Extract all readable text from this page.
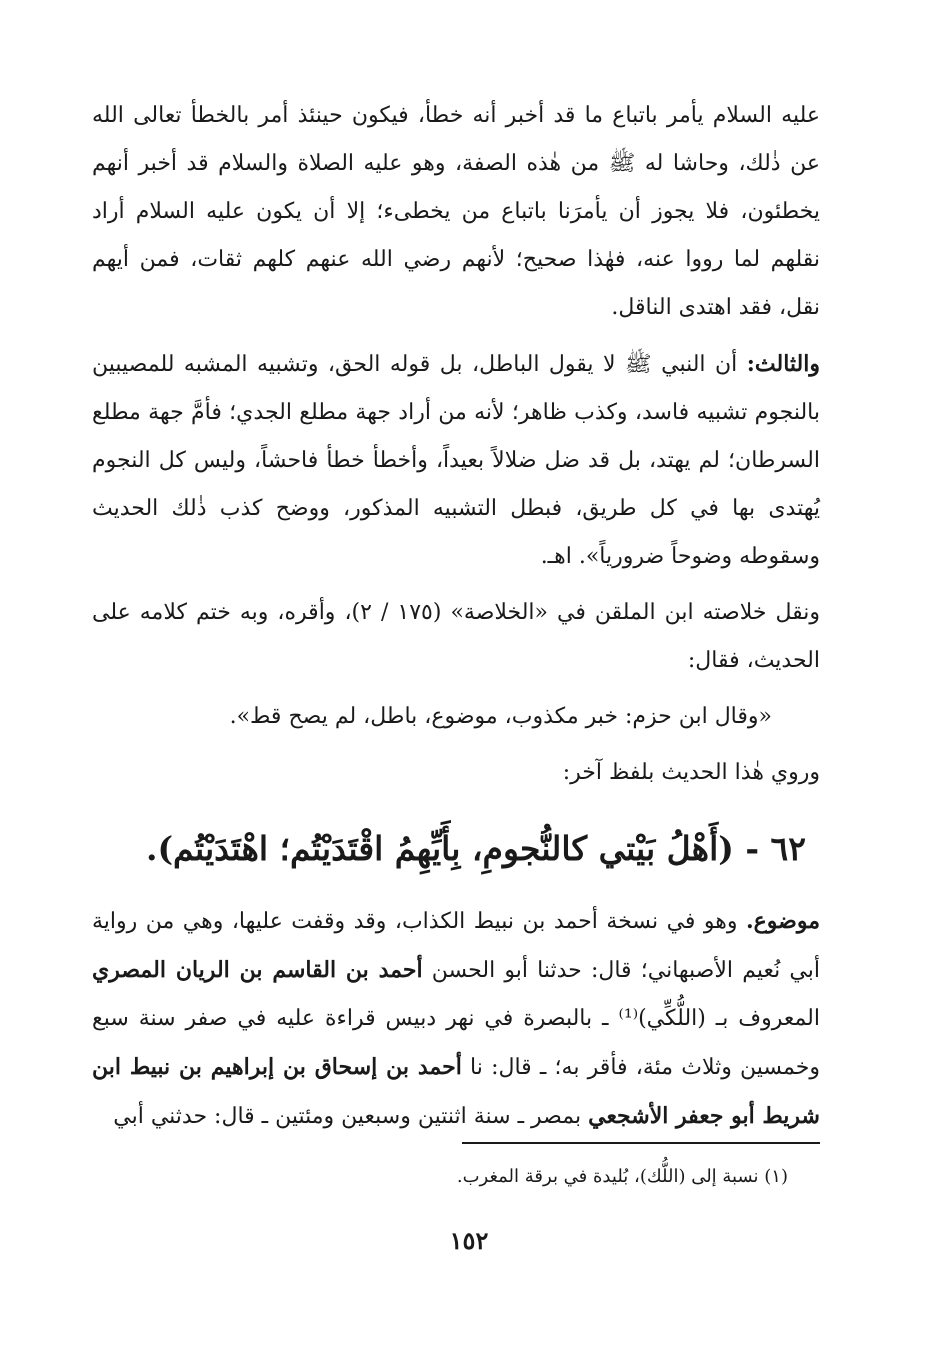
عليه السلام يأمر باتباع ما قد أخبر أنه خطأ، فيكون حينئذ أمر بالخطأ تعالى الله عن ذٰلك، وحاشا له ﷺ من هٰذه الصفة، وهو عليه الصلاة والسلام قد أخبر أنهم يخطئون، فلا يجوز أن يأمرَنا باتباع من يخطىء؛ إلا أن يكون عليه السلام أراد نقلهم لما رووا عنه، فهٰذا صحيح؛ لأنهم رضي الله عنهم كلهم ثقات، فمن أيهم نقل، فقد اهتدى الناقل.

والثالث: أن النبي ﷺ لا يقول الباطل، بل قوله الحق، وتشبيه المشبه للمصيبين بالنجوم تشبيه فاسد، وكذب ظاهر؛ لأنه من أراد جهة مطلع الجدي؛ فأمَّ جهة مطلع السرطان؛ لم يهتد، بل قد ضل ضلالاً بعيداً، وأخطأ خطأ فاحشاً، وليس كل النجوم يُهتدى بها في كل طريق، فبطل التشبيه المذكور، ووضح كذب ذٰلك الحديث وسقوطه وضوحاً ضرورياً». اهـ.

ونقل خلاصته ابن الملقن في «الخلاصة» (١٧٥ / ٢)، وأقره، وبه ختم كلامه على الحديث، فقال:

«وقال ابن حزم: خبر مكذوب، موضوع، باطل، لم يصح قط».

وروي هٰذا الحديث بلفظ آخر:

٦٢ - (أَهْلُ بَيْتي كالنُّجومِ، بِأَيِّهِمُ اقْتَدَيْتُم؛ اهْتَدَيْتُم).

موضوع. وهو في نسخة أحمد بن نبيط الكذاب، وقد وقفت عليها، وهي من رواية أبي نُعيم الأصبهاني؛ قال: حدثنا أبو الحسن أحمد بن القاسم بن الريان المصري المعروف بـ (اللُّكِّي)⁽¹⁾ ـ بالبصرة في نهر دبيس قراءة عليه في صفر سنة سبع وخمسين وثلاث مئة، فأقر به؛ ـ قال: نا أحمد بن إسحاق بن إبراهيم بن نبيط ابن شريط أبو جعفر الأشجعي بمصر ـ سنة اثنتين وسبعين ومئتين ـ قال: حدثني أبي

(١) نسبة إلى (اللُّك)، بُليدة في برقة المغرب.
١٥٢
